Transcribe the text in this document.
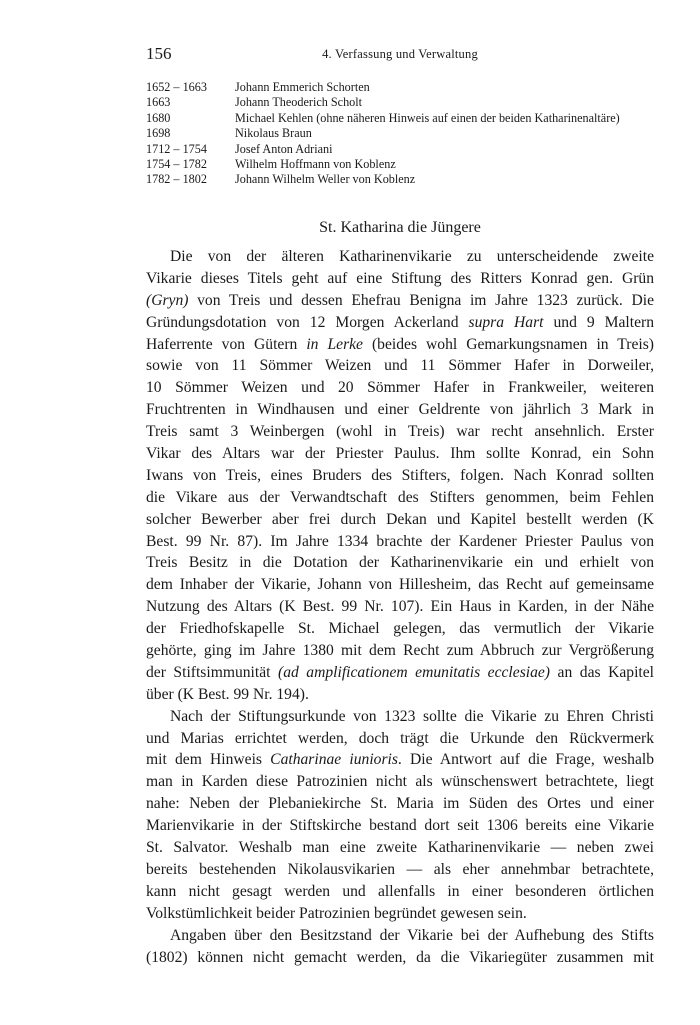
156	4. Verfassung und Verwaltung
1652 – 1663	Johann Emmerich Schorten
1663	Johann Theoderich Scholt
1680	Michael Kehlen (ohne näheren Hinweis auf einen der beiden Katharinenaltäre)
1698	Nikolaus Braun
1712 – 1754	Josef Anton Adriani
1754 – 1782	Wilhelm Hoffmann von Koblenz
1782 – 1802	Johann Wilhelm Weller von Koblenz
St. Katharina die Jüngere
Die von der älteren Katharinenvikarie zu unterscheidende zweite
Vikarie dieses Titels geht auf eine Stiftung des Ritters Konrad gen. Grün
(Gryn) von Treis und dessen Ehefrau Benigna im Jahre 1323 zurück. Die
Gründungsdotation von 12 Morgen Ackerland supra Hart und 9 Maltern
Haferrente von Gütern in Lerke (beides wohl Gemarkungsnamen in Treis)
sowie von 11 Sömmer Weizen und 11 Sömmer Hafer in Dorweiler,
10 Sömmer Weizen und 20 Sömmer Hafer in Frankweiler, weiteren
Fruchtrenten in Windhausen und einer Geldrente von jährlich 3 Mark in
Treis samt 3 Weinbergen (wohl in Treis) war recht ansehnlich. Erster
Vikar des Altars war der Priester Paulus. Ihm sollte Konrad, ein Sohn
Iwans von Treis, eines Bruders des Stifters, folgen. Nach Konrad sollten
die Vikare aus der Verwandtschaft des Stifters genommen, beim Fehlen
solcher Bewerber aber frei durch Dekan und Kapitel bestellt werden (K
Best. 99 Nr. 87). Im Jahre 1334 brachte der Kardener Priester Paulus von
Treis Besitz in die Dotation der Katharinenvikarie ein und erhielt von
dem Inhaber der Vikarie, Johann von Hillesheim, das Recht auf gemeinsame
Nutzung des Altars (K Best. 99 Nr. 107). Ein Haus in Karden, in der Nähe
der Friedhofskapelle St. Michael gelegen, das vermutlich der Vikarie
gehörte, ging im Jahre 1380 mit dem Recht zum Abbruch zur Vergrößerung
der Stiftsimmunität (ad amplificationem emunitatis ecclesiae) an das Kapitel
über (K Best. 99 Nr. 194).
Nach der Stiftungsurkunde von 1323 sollte die Vikarie zu Ehren Christi
und Marias errichtet werden, doch trägt die Urkunde den Rückvermerk
mit dem Hinweis Catharinae iunioris. Die Antwort auf die Frage, weshalb
man in Karden diese Patrozinien nicht als wünschenswert betrachtete, liegt
nahe: Neben der Plebaniekirche St. Maria im Süden des Ortes und einer
Marienvikarie in der Stiftskirche bestand dort seit 1306 bereits eine Vikarie
St. Salvator. Weshalb man eine zweite Katharinenvikarie — neben zwei
bereits bestehenden Nikolausvikarien — als eher annehmbar betrachtete,
kann nicht gesagt werden und allenfalls in einer besonderen örtlichen
Volkstümlichkeit beider Patrozinien begründet gewesen sein.
Angaben über den Besitzstand der Vikarie bei der Aufhebung des Stifts
(1802) können nicht gemacht werden, da die Vikariegüter zusammen mit
